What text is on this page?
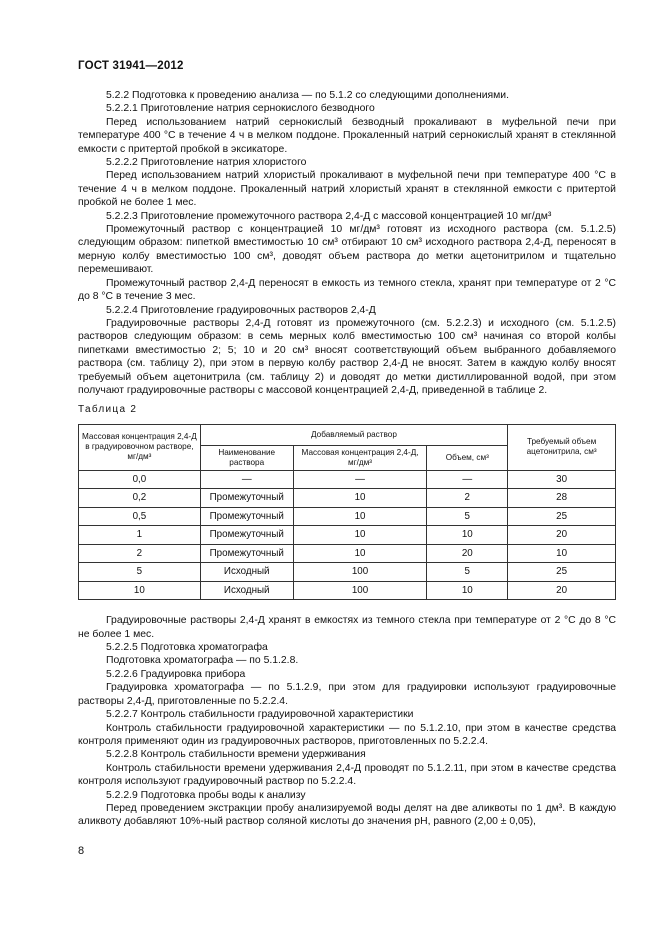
ГОСТ 31941—2012
5.2.2 Подготовка к проведению анализа — по 5.1.2 со следующими дополнениями.
5.2.2.1 Приготовление натрия сернокислого безводного
Перед использованием натрий сернокислый безводный прокаливают в муфельной печи при температуре 400 °С в течение 4 ч в мелком поддоне. Прокаленный натрий сернокислый хранят в стеклянной емкости с притертой пробкой в эксикаторе.
5.2.2.2 Приготовление натрия хлористого
Перед использованием натрий хлористый прокаливают в муфельной печи при температуре 400 °С в течение 4 ч в мелком поддоне. Прокаленный натрий хлористый хранят в стеклянной емкости с притертой пробкой не более 1 мес.
5.2.2.3 Приготовление промежуточного раствора 2,4-Д с массовой концентрацией 10 мг/дм³
Промежуточный раствор с концентрацией 10 мг/дм³ готовят из исходного раствора (см. 5.1.2.5) следующим образом: пипеткой вместимостью 10 см³ отбирают 10 см³ исходного раствора 2,4-Д, переносят в мерную колбу вместимостью 100 см³, доводят объем раствора до метки ацетонитрилом и тщательно перемешивают.
Промежуточный раствор 2,4-Д переносят в емкость из темного стекла, хранят при температуре от 2 °С до 8 °С в течение 3 мес.
5.2.2.4 Приготовление градуировочных растворов 2,4-Д
Градуировочные растворы 2,4-Д готовят из промежуточного (см. 5.2.2.3) и исходного (см. 5.1.2.5) растворов следующим образом: в семь мерных колб вместимостью 100 см³ начиная со второй колбы пипетками вместимостью 2; 5; 10 и 20 см³ вносят соответствующий объем выбранного добавляемого раствора (см. таблицу 2), при этом в первую колбу раствор 2,4-Д не вносят. Затем в каждую колбу вносят требуемый объем ацетонитрила (см. таблицу 2) и доводят до метки дистиллированной водой, при этом получают градуировочные растворы с массовой концентрацией 2,4-Д, приведенной в таблице 2.
Таблица 2
Массовая концентрация 2,4-Д в градуировочном растворе, мг/дм³	Добавляемый раствор			Требуемый объем ацетонитрила, см³
	Наименование раствора	Массовая концентрация 2,4-Д, мг/дм³	Объем, см³	
0,0	—	—	—	30
0,2	Промежуточный	10	2	28
0,5	Промежуточный	10	5	25
1	Промежуточный	10	10	20
2	Промежуточный	10	20	10
5	Исходный	100	5	25
10	Исходный	100	10	20
Градуировочные растворы 2,4-Д хранят в емкостях из темного стекла при температуре от 2 °С до 8 °С не более 1 мес.
5.2.2.5 Подготовка хроматографа
Подготовка хроматографа — по 5.1.2.8.
5.2.2.6 Градуировка прибора
Градуировка хроматографа — по 5.1.2.9, при этом для градуировки используют градуировочные растворы 2,4-Д, приготовленные по 5.2.2.4.
5.2.2.7 Контроль стабильности градуировочной характеристики
Контроль стабильности градуировочной характеристики — по 5.1.2.10, при этом в качестве средства контроля применяют один из градуировочных растворов, приготовленных по 5.2.2.4.
5.2.2.8 Контроль стабильности времени удерживания
Контроль стабильности времени удерживания 2,4-Д проводят по 5.1.2.11, при этом в качестве средства контроля используют градуировочный раствор по 5.2.2.4.
5.2.2.9 Подготовка пробы воды к анализу
Перед проведением экстракции пробу анализируемой воды делят на две аликвоты по 1 дм³. В каждую аликвоту добавляют 10%-ный раствор соляной кислоты до значения рН, равного (2,00 ± 0,05),
8
